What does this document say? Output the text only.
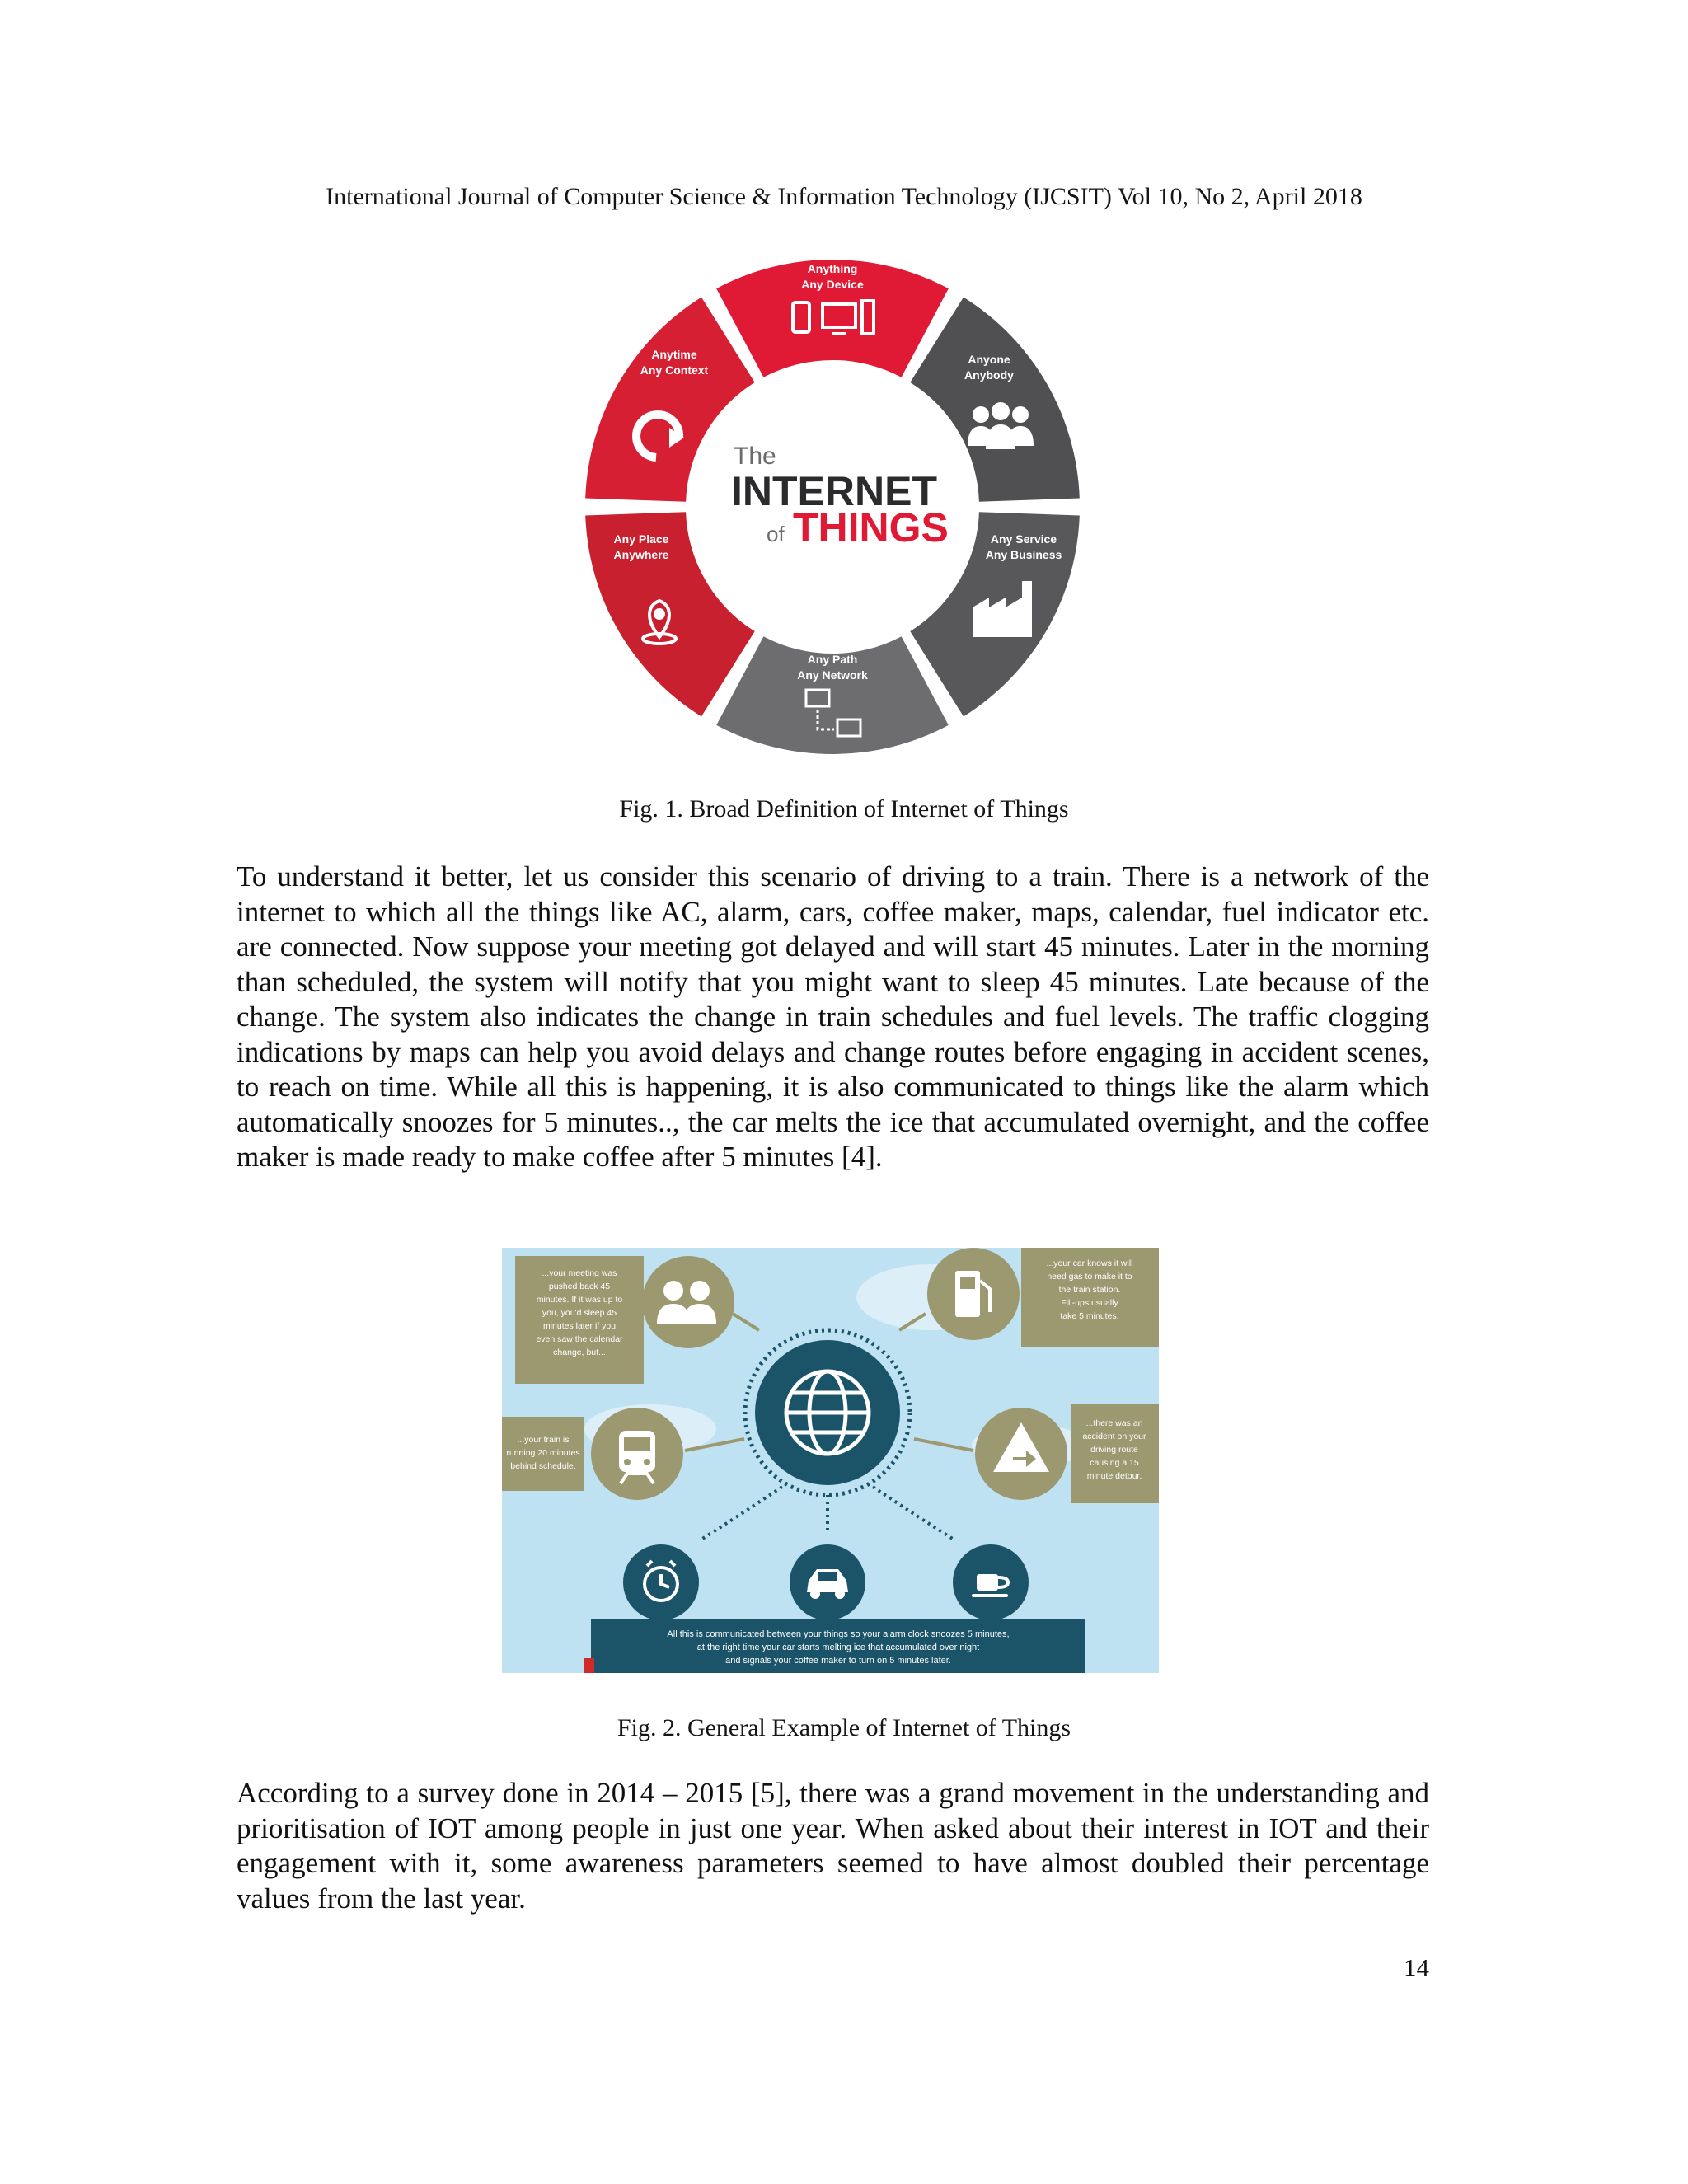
International Journal of Computer Science & Information Technology (IJCSIT) Vol 10, No 2, April 2018
The
INTERNET
of THINGS
Anything
Any Device
Anyone
Anybody
Any Service
Any Business
Any Path
Any Network
Any Place
Anywhere
Anytime
Any Context
Fig. 1. Broad Definition of Internet of Things
To understand it better, let us consider this scenario of driving to a train. There is a network of the internet to which all the things like AC, alarm, cars, coffee maker, maps, calendar, fuel indicator etc. are connected. Now suppose your meeting got delayed and will start 45 minutes. Later in the morning than scheduled, the system will notify that you might want to sleep 45 minutes. Late because of the change. The system also indicates the change in train schedules and fuel levels. The traffic clogging indications by maps can help you avoid delays and change routes before engaging in accident scenes, to reach on time. While all this is happening, it is also communicated to things like the alarm which automatically snoozes for 5 minutes.., the car melts the ice that accumulated overnight, and the coffee maker is made ready to make coffee after 5 minutes [4].
...your meeting was
pushed back 45
minutes. If it was up to
you, you'd sleep 45
minutes later if you
even saw the calendar
change, but...
...your car knows it will
need gas to make it to
the train station.
Fill-ups usually
take 5 minutes.
...your train is
running 20 minutes
behind schedule.
...there was an
accident on your
driving route
causing a 15
minute detour.
All this is communicated between your things so your alarm clock snoozes 5 minutes,
at the right time your car starts melting ice that accumulated over night
and signals your coffee maker to turn on 5 minutes later.
Fig. 2. General Example of Internet of Things
According to a survey done in 2014 – 2015 [5], there was a grand movement in the understanding and prioritisation of IOT among people in just one year. When asked about their interest in IOT and their engagement with it, some awareness parameters seemed to have almost doubled their percentage values from the last year.
14
